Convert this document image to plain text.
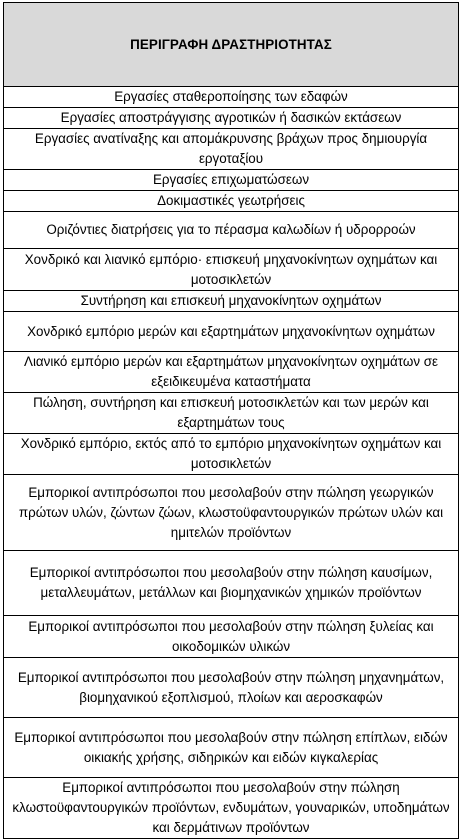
ΠΕΡΙΓΡΑΦΗ ΔΡΑΣΤΗΡΙΟΤΗΤΑΣ
Εργασίες σταθεροποίησης των εδαφών
Εργασίες αποστράγγισης αγροτικών ή δασικών εκτάσεων
Εργασίες ανατίναξης και απομάκρυνσης βράχων προς δημιουργία εργοταξίου
Εργασίες επιχωματώσεων
Δοκιμαστικές γεωτρήσεις
Οριζόντιες διατρήσεις για το πέρασμα καλωδίων ή υδρορροών
Χονδρικό και λιανικό εμπόριο· επισκευή μηχανοκίνητων οχημάτων και μοτοσικλετών
Συντήρηση και επισκευή μηχανοκίνητων οχημάτων
Χονδρικό εμπόριο μερών και εξαρτημάτων μηχανοκίνητων οχημάτων
Λιανικό εμπόριο μερών και εξαρτημάτων μηχανοκίνητων οχημάτων σε εξειδικευμένα καταστήματα
Πώληση, συντήρηση και επισκευή μοτοσικλετών και των μερών και εξαρτημάτων τους
Χονδρικό εμπόριο, εκτός από το εμπόριο μηχανοκίνητων οχημάτων και μοτοσικλετών
Εμπορικοί αντιπρόσωποι που μεσολαβούν στην πώληση γεωργικών πρώτων υλών, ζώντων ζώων, κλωστοϋφαντουργικών πρώτων υλών και ημιτελών προϊόντων
Εμπορικοί αντιπρόσωποι που μεσολαβούν στην πώληση καυσίμων, μεταλλευμάτων, μετάλλων και βιομηχανικών χημικών προϊόντων
Εμπορικοί αντιπρόσωποι που μεσολαβούν στην πώληση ξυλείας και οικοδομικών υλικών
Εμπορικοί αντιπρόσωποι που μεσολαβούν στην πώληση μηχανημάτων, βιομηχανικού εξοπλισμού, πλοίων και αεροσκαφών
Εμπορικοί αντιπρόσωποι που μεσολαβούν στην πώληση επίπλων, ειδών οικιακής χρήσης, σιδηρικών και ειδών κιγκαλερίας
Εμπορικοί αντιπρόσωποι που μεσολαβούν στην πώληση κλωστοϋφαντουργικών προϊόντων, ενδυμάτων, γουναρικών, υποδημάτων και δερμάτινων προϊόντων
